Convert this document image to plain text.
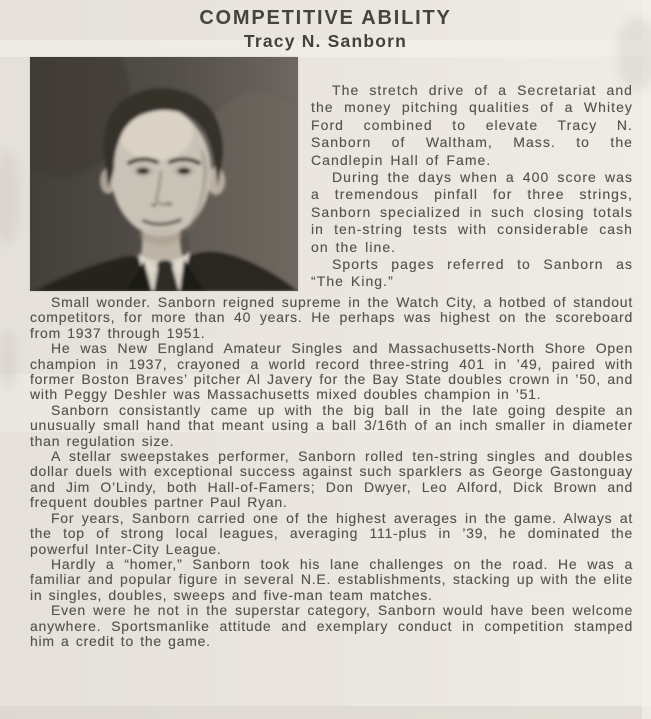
COMPETITIVE ABILITY
Tracy N. Sanborn

The stretch drive of a Secretariat and the money pitching qualities of a Whitey Ford combined to elevate Tracy N. Sanborn of Waltham, Mass. to the Candlepin Hall of Fame.

During the days when a 400 score was a tremendous pinfall for three strings, Sanborn specialized in such closing totals in ten-string tests with considerable cash on the line.

Sports pages referred to Sanborn as “The King.”

Small wonder. Sanborn reigned supreme in the Watch City, a hotbed of standout competitors, for more than 40 years. He perhaps was highest on the scoreboard from 1937 through 1951.

He was New England Amateur Singles and Massachusetts-North Shore Open champion in 1937, crayoned a world record three-string 401 in ’49, paired with former Boston Braves’ pitcher Al Javery for the Bay State doubles crown in ’50, and with Peggy Deshler was Massachusetts mixed doubles champion in ’51.

Sanborn consistantly came up with the big ball in the late going despite an unusually small hand that meant using a ball 3/16th of an inch smaller in diameter than regulation size.

A stellar sweepstakes performer, Sanborn rolled ten-string singles and doubles dollar duels with exceptional success against such sparklers as George Gastonguay and Jim O’Lindy, both Hall-of-Famers; Don Dwyer, Leo Alford, Dick Brown and frequent doubles partner Paul Ryan.

For years, Sanborn carried one of the highest averages in the game. Always at the top of strong local leagues, averaging 111-plus in ’39, he dominated the powerful Inter-City League.

Hardly a “homer,” Sanborn took his lane challenges on the road. He was a familiar and popular figure in several N.E. establishments, stacking up with the elite in singles, doubles, sweeps and five-man team matches.

Even were he not in the superstar category, Sanborn would have been welcome anywhere. Sportsmanlike attitude and exemplary conduct in competition stamped him a credit to the game.
